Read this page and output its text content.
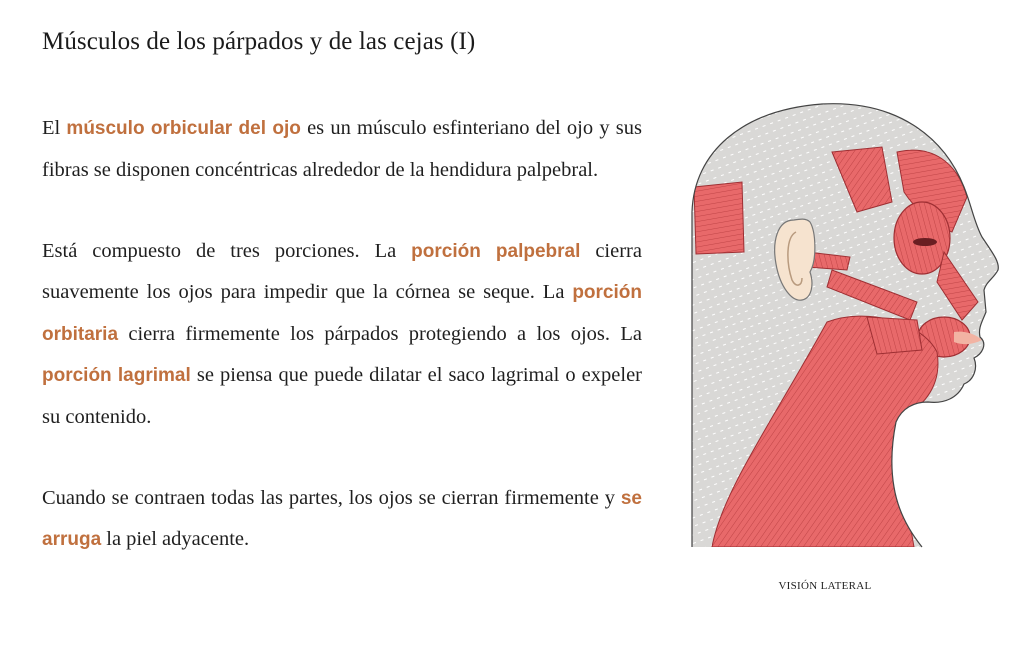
Músculos de los párpados y de las cejas (I)

El músculo orbicular del ojo es un músculo esfinteriano del ojo y sus fibras se disponen concéntricas alrededor de la hendidura palpebral.

Está compuesto de tres porciones. La porción palpebral cierra suavemente los ojos para impedir que la córnea se seque. La porción orbitaria cierra firmemente los párpados protegiendo a los ojos. La porción lagrimal se piensa que puede dilatar el saco lagrimal o expeler su contenido.

Cuando se contraen todas las partes, los ojos se cierran firmemente y se arruga la piel adyacente.

VISIÓN LATERAL
